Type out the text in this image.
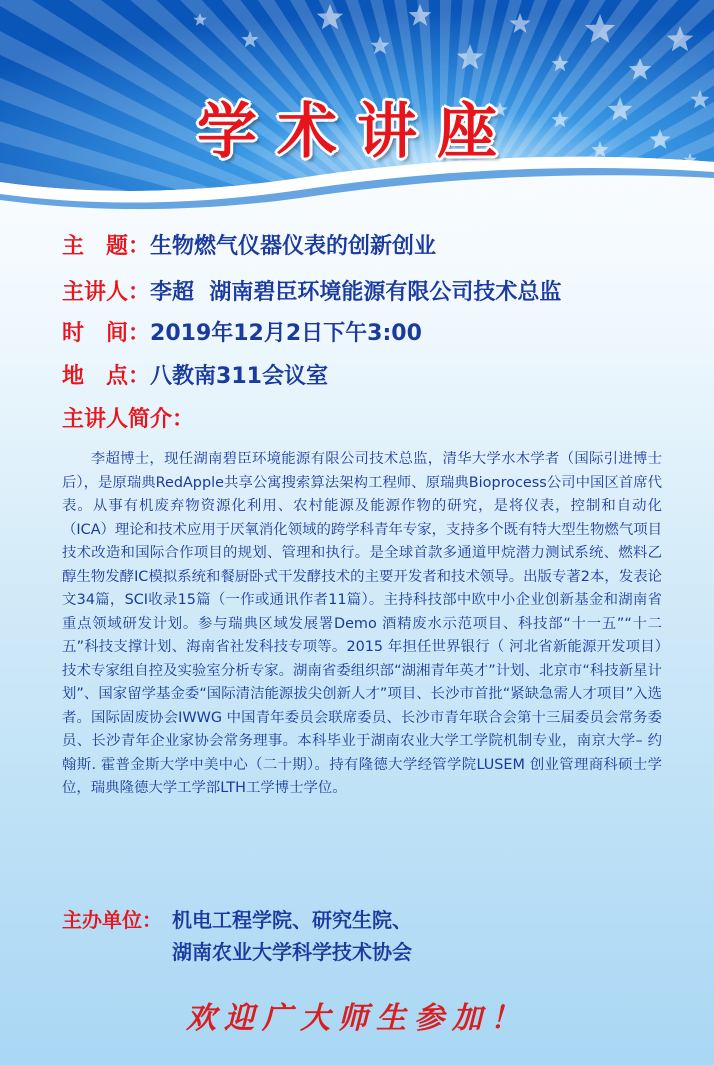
学术讲座
主　题：生物燃气仪器仪表的创新创业
主讲人：李超  湖南碧臣环境能源有限公司技术总监
时　间：2019年12月2日下午3:00
地　点：八教南311会议室
主讲人简介：
李超博士，现任湖南碧臣环境能源有限公司技术总监，清华大学水木学者（国际引进博士后），是原瑞典RedApple共享公寓搜索算法架构工程师、原瑞典Bioprocess公司中国区首席代表。从事有机废弃物资源化利用、农村能源及能源作物的研究，是将仪表，控制和自动化（ICA）理论和技术应用于厌氧消化领域的跨学科青年专家，支持多个既有特大型生物燃气项目技术改造和国际合作项目的规划、管理和执行。是全球首款多通道甲烷潜力测试系统、燃料乙醇生物发酵IC模拟系统和餐厨卧式干发酵技术的主要开发者和技术领导。出版专著2本，发表论文34篇，SCI收录15篇（一作或通讯作者11篇）。主持科技部中欧中小企业创新基金和湖南省重点领域研发计划。参与瑞典区域发展署Demo 酒精废水示范项目、科技部“十一五”“十二五”科技支撑计划、海南省社发科技专项等。2015 年担任世界银行（ 河北省新能源开发项目）技术专家组自控及实验室分析专家。湖南省委组织部“湖湘青年英才”计划、北京市“科技新星计划”、国家留学基金委“国际清洁能源拔尖创新人才”项目、长沙市首批“紧缺急需人才项目”入选者。国际固废协会IWWG 中国青年委员会联席委员、长沙市青年联合会第十三届委员会常务委员、长沙青年企业家协会常务理事。本科毕业于湖南农业大学工学院机制专业，南京大学– 约翰斯. 霍普金斯大学中美中心（二十期）。持有隆德大学经管学院LUSEM 创业管理商科硕士学位，瑞典隆德大学工学部LTH工学博士学位。
主办单位： 机电工程学院、研究生院、
湖南农业大学科学技术协会
欢迎广大师生参加！
